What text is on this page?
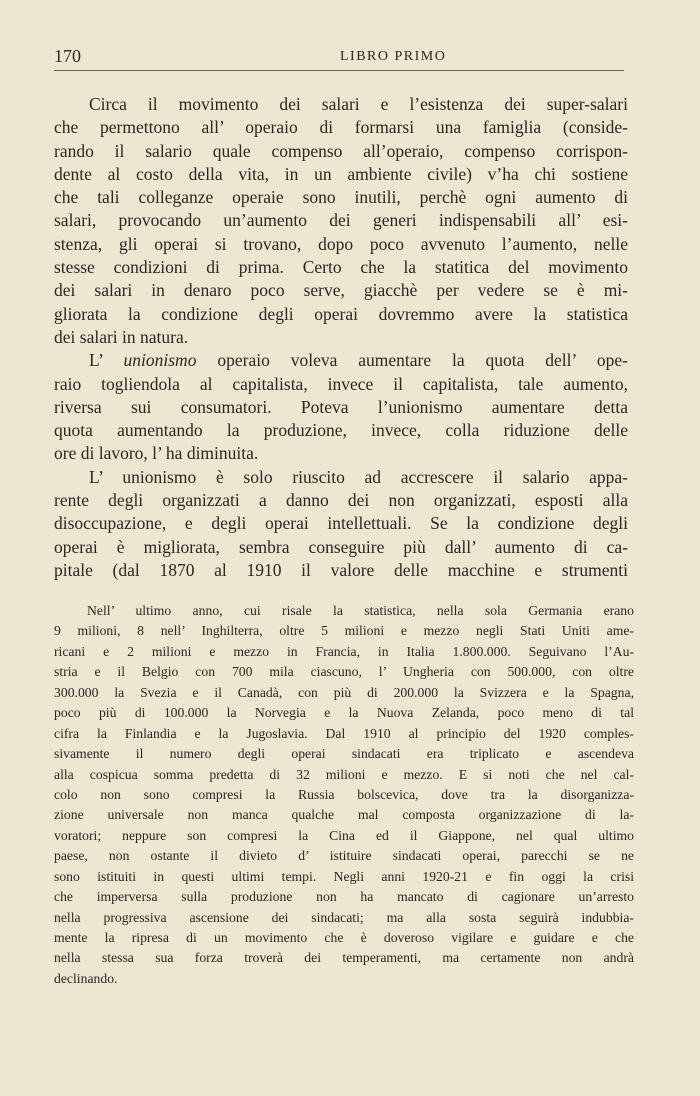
170	LIBRO PRIMO
Circa il movimento dei salari e l’esistenza dei super-salari
che permettono all’ operaio di formarsi una famiglia (conside-
rando il salario quale compenso all’operaio, compenso corrispon-
dente al costo della vita, in un ambiente civile) v’ha chi sostiene
che tali colleganze operaie sono inutili, perchè ogni aumento di
salari, provocando un’aumento dei generi indispensabili all’ esi-
stenza, gli operai si trovano, dopo poco avvenuto l’aumento, nelle
stesse condizioni di prima. Certo che la statitica del movimento
dei salari in denaro poco serve, giacchè per vedere se è mi-
gliorata la condizione degli operai dovremmo avere la statistica
dei salari in natura.
L’ unionismo operaio voleva aumentare la quota dell’ ope-
raio togliendola al capitalista, invece il capitalista, tale aumento,
riversa sui consumatori. Poteva l’unionismo aumentare detta
quota aumentando la produzione, invece, colla riduzione delle
ore di lavoro, l’ ha diminuita.
L’ unionismo è solo riuscito ad accrescere il salario appa-
rente degli organizzati a danno dei non organizzati, esposti alla
disoccupazione, e degli operai intellettuali. Se la condizione degli
operai è migliorata, sembra conseguire più dall’ aumento di ca-
pitale (dal 1870 al 1910 il valore delle macchine e strumenti
Nell’ ultimo anno, cui risale la statistica, nella sola Germania erano
9 milioni, 8 nell’ Inghilterra, oltre 5 milioni e mezzo negli Stati Uniti ame-
ricani e 2 milioni e mezzo in Francia, in Italia 1.800.000. Seguivano l’Au-
stria e il Belgio con 700 mila ciascuno, l’ Ungheria con 500.000, con oltre
300.000 la Svezia e il Canadà, con più di 200.000 la Svizzera e la Spagna,
poco più di 100.000 la Norvegia e la Nuova Zelanda, poco meno di tal
cifra la Finlandia e la Jugoslavia. Dal 1910 al principio del 1920 comples-
sivamente il numero degli operai sindacati era triplicato e ascendeva
alla cospicua somma predetta di 32 milioni e mezzo. E si noti che nel cal-
colo non sono compresi la Russia bolscevica, dove tra la disorganizza-
zione universale non manca qualche mal composta organizzazione di la-
voratori; neppure son compresi la Cina ed il Giappone, nel qual ultimo
paese, non ostante il divieto d’ istituire sindacati operai, parecchi se ne
sono istituiti in questi ultimi tempi. Negli anni 1920-21 e fin oggi la crisi
che imperversa sulla produzione non ha mancato di cagionare un’arresto
nella progressiva ascensione dei sindacati; ma alla sosta seguirà indubbia-
mente la ripresa di un movimento che è doveroso vigilare e guidare e che
nella stessa sua forza troverà dei temperamenti, ma certamente non andrà
declinando.
